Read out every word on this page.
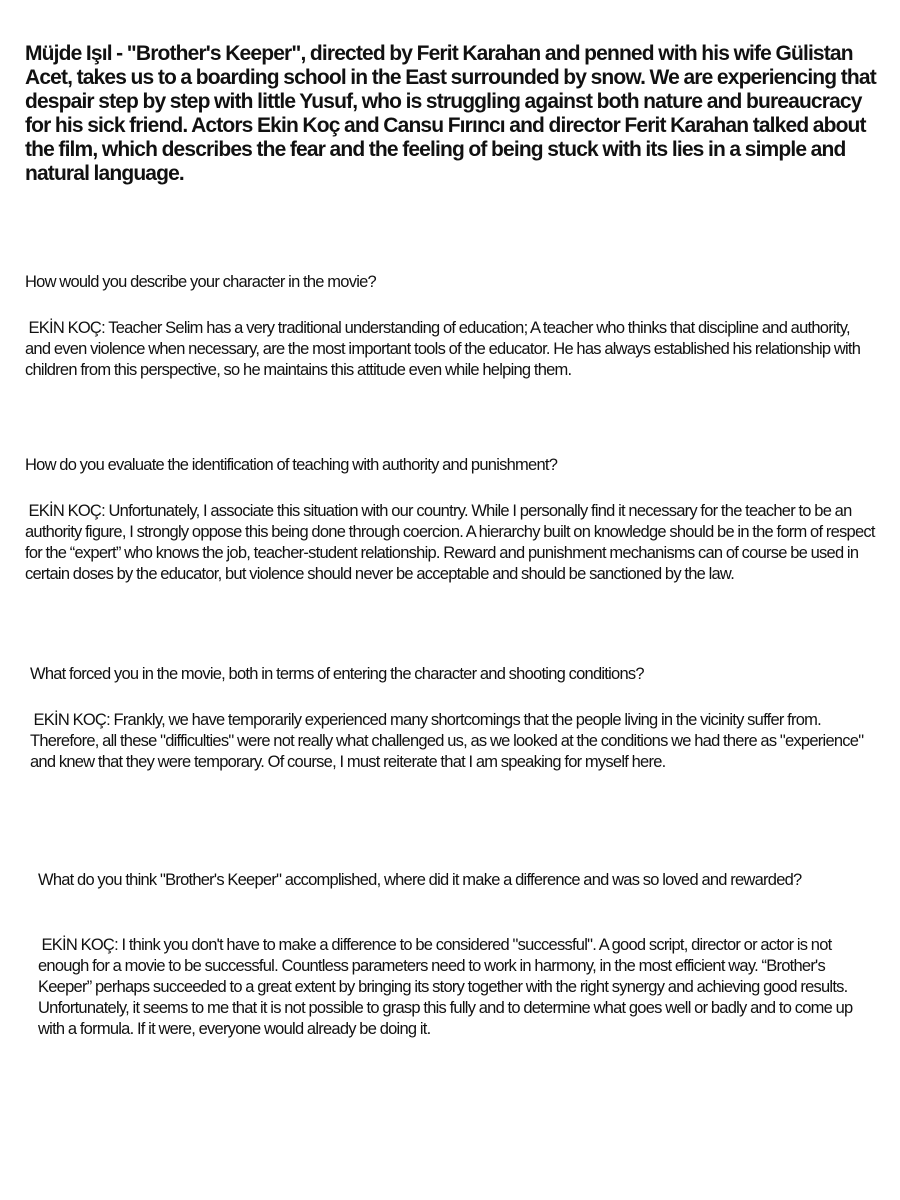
Müjde Işıl - "Brother's Keeper", directed by Ferit Karahan and penned with his wife Gülistan Acet, takes us to a boarding school in the East surrounded by snow. We are experiencing that despair step by step with little Yusuf, who is struggling against both nature and bureaucracy for his sick friend. Actors Ekin Koç and Cansu Fırıncı and director Ferit Karahan talked about the film, which describes the fear and the feeling of being stuck with its lies in a simple and natural language.

How would you describe your character in the movie?

EKİN KOÇ: Teacher Selim has a very traditional understanding of education; A teacher who thinks that discipline and authority, and even violence when necessary, are the most important tools of the educator. He has always established his relationship with children from this perspective, so he maintains this attitude even while helping them.

How do you evaluate the identification of teaching with authority and punishment?

EKİN KOÇ: Unfortunately, I associate this situation with our country. While I personally find it necessary for the teacher to be an authority figure, I strongly oppose this being done through coercion. A hierarchy built on knowledge should be in the form of respect for the “expert” who knows the job, teacher-student relationship. Reward and punishment mechanisms can of course be used in certain doses by the educator, but violence should never be acceptable and should be sanctioned by the law.

What forced you in the movie, both in terms of entering the character and shooting conditions?

EKİN KOÇ: Frankly, we have temporarily experienced many shortcomings that the people living in the vicinity suffer from. Therefore, all these "difficulties" were not really what challenged us, as we looked at the conditions we had there as "experience" and knew that they were temporary. Of course, I must reiterate that I am speaking for myself here.

What do you think "Brother's Keeper" accomplished, where did it make a difference and was so loved and rewarded?

EKİN KOÇ: I think you don't have to make a difference to be considered "successful". A good script, director or actor is not enough for a movie to be successful. Countless parameters need to work in harmony, in the most efficient way. “Brother's Keeper” perhaps succeeded to a great extent by bringing its story together with the right synergy and achieving good results. Unfortunately, it seems to me that it is not possible to grasp this fully and to determine what goes well or badly and to come up with a formula. If it were, everyone would already be doing it.
